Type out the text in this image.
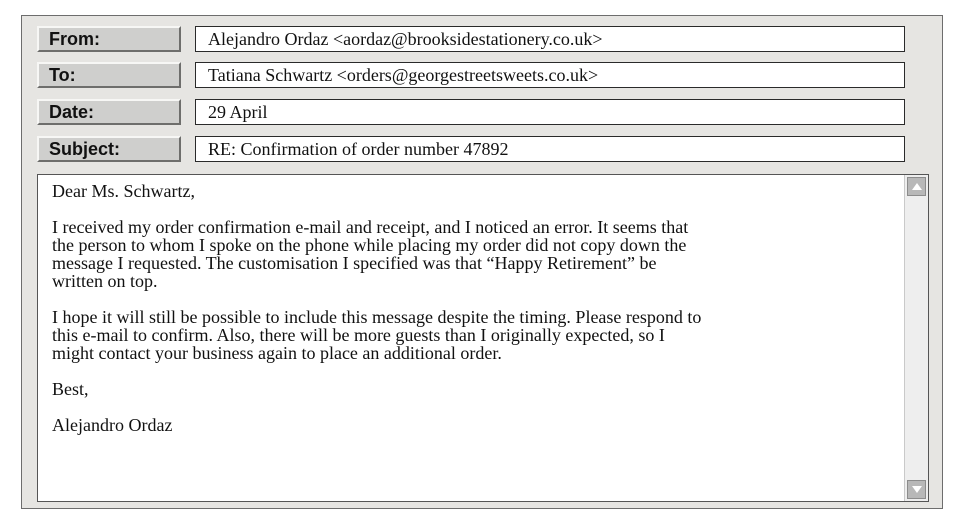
From:	Alejandro Ordaz <aordaz@brooksidestationery.co.uk>
To:	Tatiana Schwartz <orders@georgestreetsweets.co.uk>
Date:	29 April
Subject:	RE: Confirmation of order number 47892

Dear Ms. Schwartz,

I received my order confirmation e-mail and receipt, and I noticed an error. It seems that
the person to whom I spoke on the phone while placing my order did not copy down the
message I requested. The customisation I specified was that “Happy Retirement” be
written on top.

I hope it will still be possible to include this message despite the timing. Please respond to
this e-mail to confirm. Also, there will be more guests than I originally expected, so I
might contact your business again to place an additional order.

Best,

Alejandro Ordaz
